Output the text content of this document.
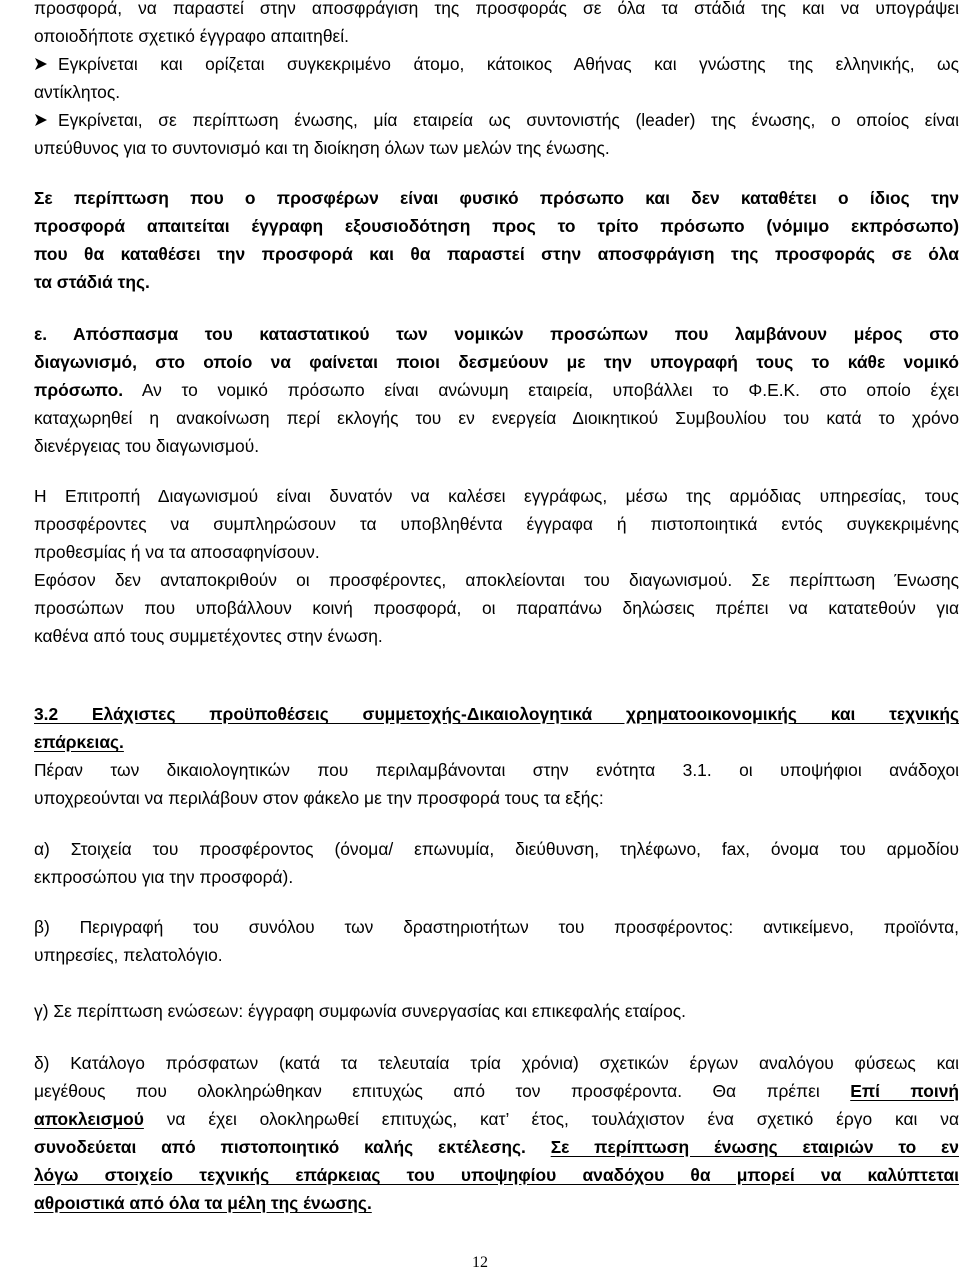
προσφορά, να παραστεί στην αποσφράγιση της προσφοράς σε όλα τα στάδιά της και να υπογράψει
οποιοδήποτε σχετικό έγγραφο απαιτηθεί.
Εγκρίνεται και ορίζεται συγκεκριμένο άτομο, κάτοικος Αθήνας και γνώστης της ελληνικής, ως
αντίκλητος.
Εγκρίνεται, σε περίπτωση ένωσης, μία εταιρεία ως συντονιστής (leader) της ένωσης, ο οποίος είναι
υπεύθυνος για το συντονισμό και τη διοίκηση όλων των μελών της ένωσης.
Σε περίπτωση που ο προσφέρων είναι φυσικό πρόσωπο και δεν καταθέτει ο ίδιος την
προσφορά απαιτείται έγγραφη εξουσιοδότηση προς το τρίτο πρόσωπο (νόμιμο εκπρόσωπο)
που θα καταθέσει την προσφορά και θα παραστεί στην αποσφράγιση της προσφοράς σε όλα
τα στάδιά της.
ε. Απόσπασμα του καταστατικού των νομικών προσώπων που λαμβάνουν μέρος στο
διαγωνισμό, στο οποίο να φαίνεται ποιοι δεσμεύουν με την υπογραφή τους το κάθε νομικό
πρόσωπο. Αν το νομικό πρόσωπο είναι ανώνυμη εταιρεία, υποβάλλει το Φ.Ε.Κ. στο οποίο έχει
καταχωρηθεί η ανακοίνωση περί εκλογής του εν ενεργεία Διοικητικού Συμβουλίου του κατά το χρόνο
διενέργειας του διαγωνισμού.
Η Επιτροπή Διαγωνισμού είναι δυνατόν να καλέσει εγγράφως, μέσω της αρμόδιας υπηρεσίας, τους
προσφέροντες να συμπληρώσουν τα υποβληθέντα έγγραφα ή πιστοποιητικά εντός συγκεκριμένης
προθεσμίας ή να τα αποσαφηνίσουν.
Εφόσον δεν ανταποκριθούν οι προσφέροντες, αποκλείονται του διαγωνισμού. Σε περίπτωση Ένωσης
προσώπων που υποβάλλουν κοινή προσφορά, οι παραπάνω δηλώσεις πρέπει να κατατεθούν για
καθένα από τους συμμετέχοντες στην ένωση.
3.2 Ελάχιστες προϋποθέσεις συμμετοχής-Δικαιολογητικά χρηματοοικονομικής και τεχνικής
επάρκειας.
Πέραν των δικαιολογητικών που περιλαμβάνονται στην ενότητα 3.1. οι υποψήφιοι ανάδοχοι
υποχρεούνται να περιλάβουν στον φάκελο με την προσφορά τους τα εξής:
α) Στοιχεία του προσφέροντος (όνομα/ επωνυμία, διεύθυνση, τηλέφωνο, fax, όνομα του αρμοδίου
εκπροσώπου για την προσφορά).
β) Περιγραφή του συνόλου των δραστηριοτήτων του προσφέροντος: αντικείμενο, προϊόντα,
υπηρεσίες, πελατολόγιο.
γ) Σε περίπτωση ενώσεων: έγγραφη συμφωνία συνεργασίας και επικεφαλής εταίρος.
δ) Κατάλογο πρόσφατων (κατά τα τελευταία τρία χρόνια) σχετικών έργων αναλόγου φύσεως και
μεγέθους που ολοκληρώθηκαν επιτυχώς από τον προσφέροντα. Θα πρέπει Επί ποινή
αποκλεισμού να έχει ολοκληρωθεί επιτυχώς, κατ’ έτος, τουλάχιστον ένα σχετικό έργο και να
συνοδεύεται από πιστοποιητικό καλής εκτέλεσης. Σε περίπτωση ένωσης εταιριών το εν
λόγω στοιχείο τεχνικής επάρκειας του υποψηφίου αναδόχου θα μπορεί να καλύπτεται
αθροιστικά από όλα τα μέλη της ένωσης.
12
